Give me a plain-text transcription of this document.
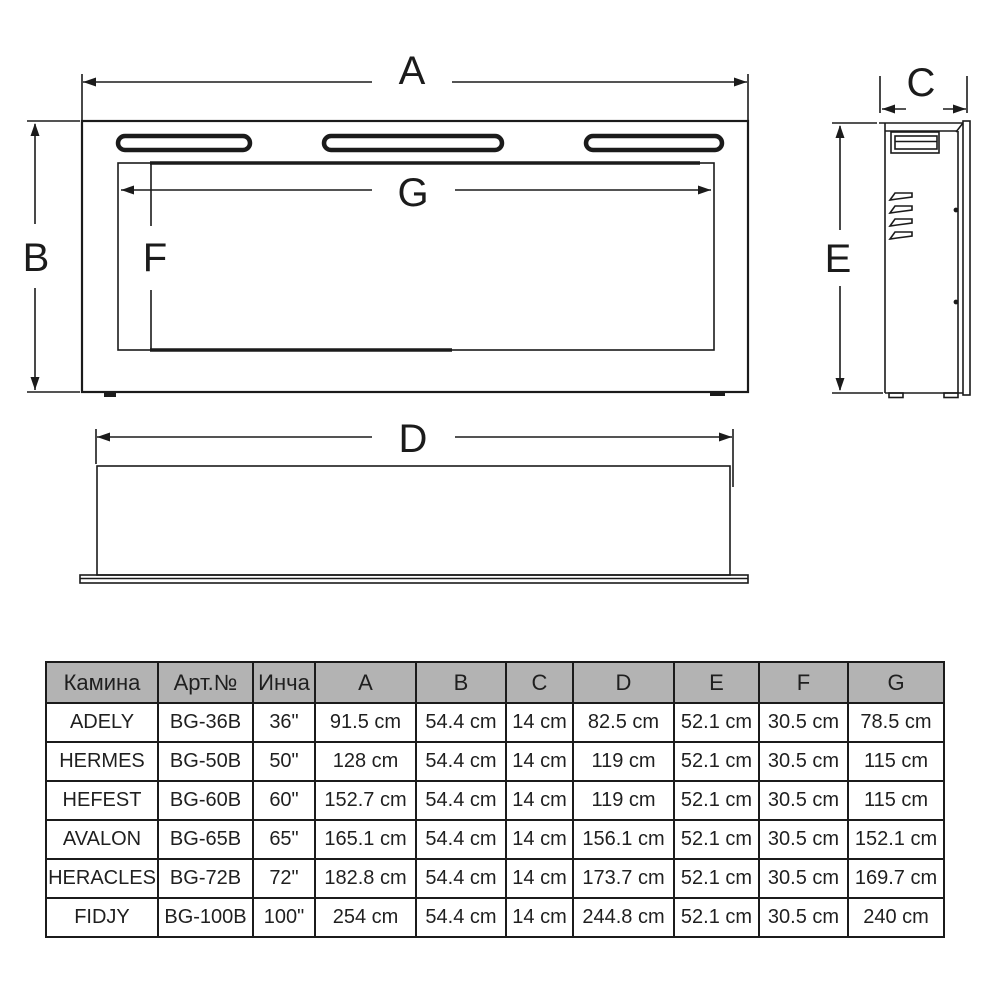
A
B
G
F
C
E
D
Камина	Арт.№	Инча	A	B	C	D	E	F	G
ADELY	BG-36B	36"	91.5 cm	54.4 cm	14 cm	82.5 cm	52.1 cm	30.5 cm	78.5 cm
HERMES	BG-50B	50"	128 cm	54.4 cm	14 cm	119 cm	52.1 cm	30.5 cm	115 cm
HEFEST	BG-60B	60"	152.7 cm	54.4 cm	14 cm	119 cm	52.1 cm	30.5 cm	115 cm
AVALON	BG-65B	65"	165.1 cm	54.4 cm	14 cm	156.1 cm	52.1 cm	30.5 cm	152.1 cm
HERACLES	BG-72B	72"	182.8 cm	54.4 cm	14 cm	173.7 cm	52.1 cm	30.5 cm	169.7 cm
FIDJY	BG-100B	100"	254 cm	54.4 cm	14 cm	244.8 cm	52.1 cm	30.5 cm	240 cm
